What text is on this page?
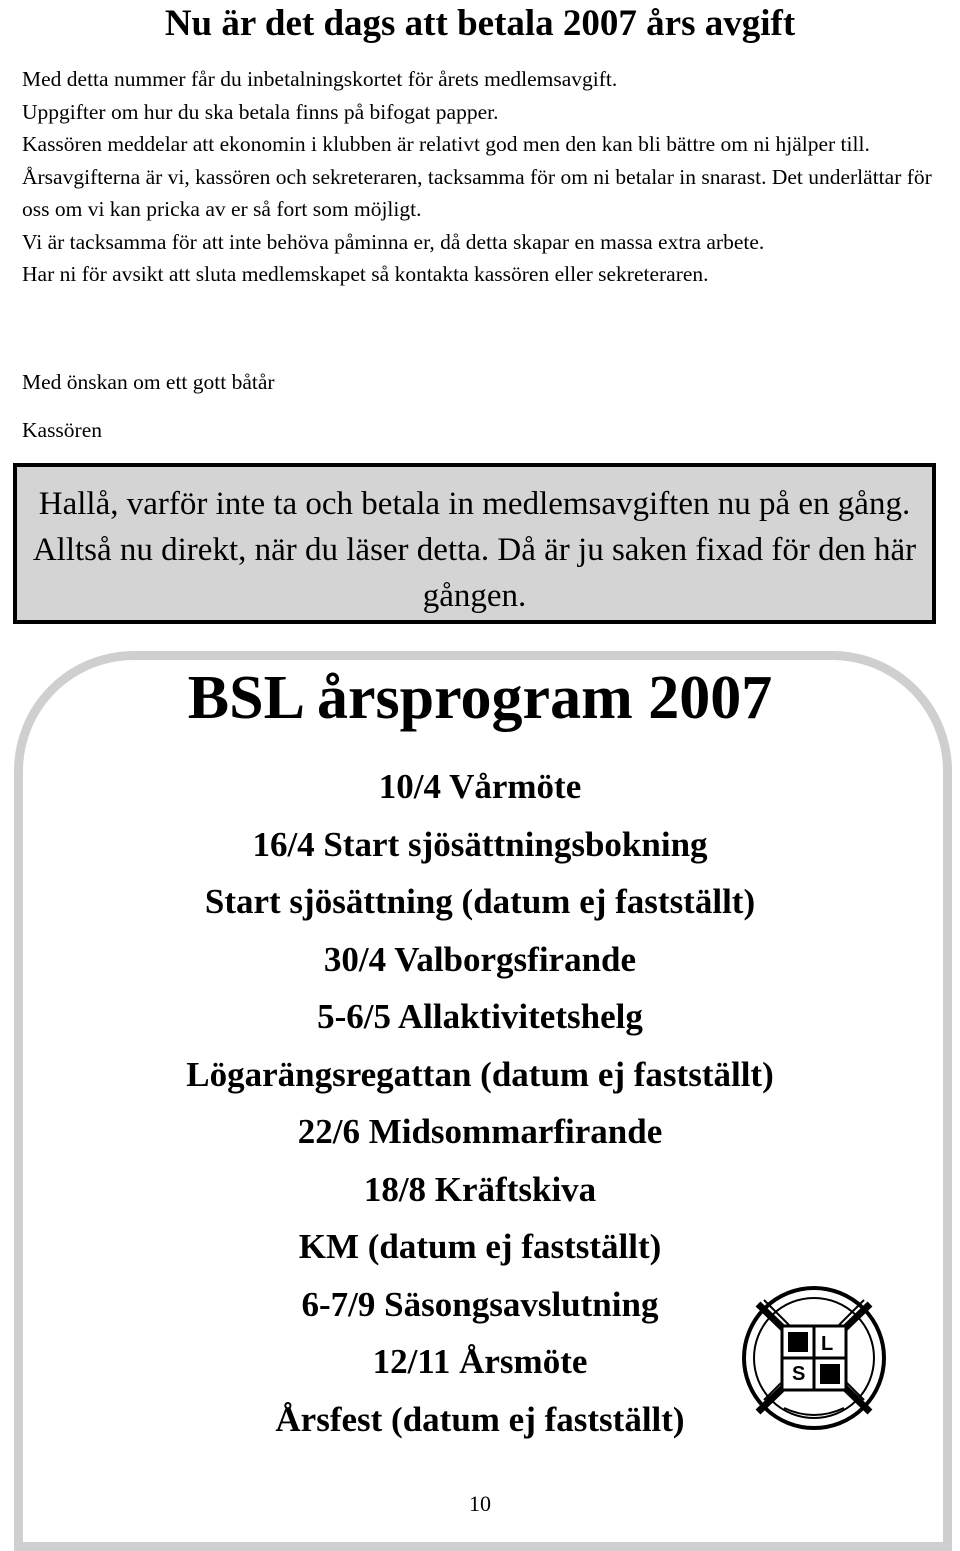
Nu är det dags att betala 2007 års avgift

Med detta nummer får du inbetalningskortet för årets medlemsavgift.

Uppgifter om hur du ska betala finns på bifogat papper.

Kassören meddelar att ekonomin i klubben är relativt god men den kan bli bättre om ni hjälper till.

Årsavgifterna är vi, kassören och sekreteraren, tacksamma för om ni betalar in snarast. Det underlättar för oss om vi kan pricka av er så fort som möjligt.

Vi är tacksamma för att inte behöva påminna er, då detta skapar en massa extra arbete.

Har ni för avsikt att sluta medlemskapet så kontakta kassören eller sekreteraren.

Med önskan om ett gott båtår
Kassören

Hallå, varför inte ta och betala in medlemsavgiften nu på en gång. Alltså nu direkt, när du läser detta. Då är ju saken fixad för den här gången.

BSL årsprogram 2007
10/4 Vårmöte
16/4 Start sjösättningsbokning
Start sjösättning (datum ej fastställt)
30/4 Valborgsfirande
5-6/5 Allaktivitetshelg
Lögarängsregattan (datum ej fastställt)
22/6 Midsommarfirande
18/8 Kräftskiva
KM (datum ej fastställt)
6-7/9 Säsongsavslutning
12/11 Årsmöte
Årsfest (datum ej fastställt)
S
L
10
